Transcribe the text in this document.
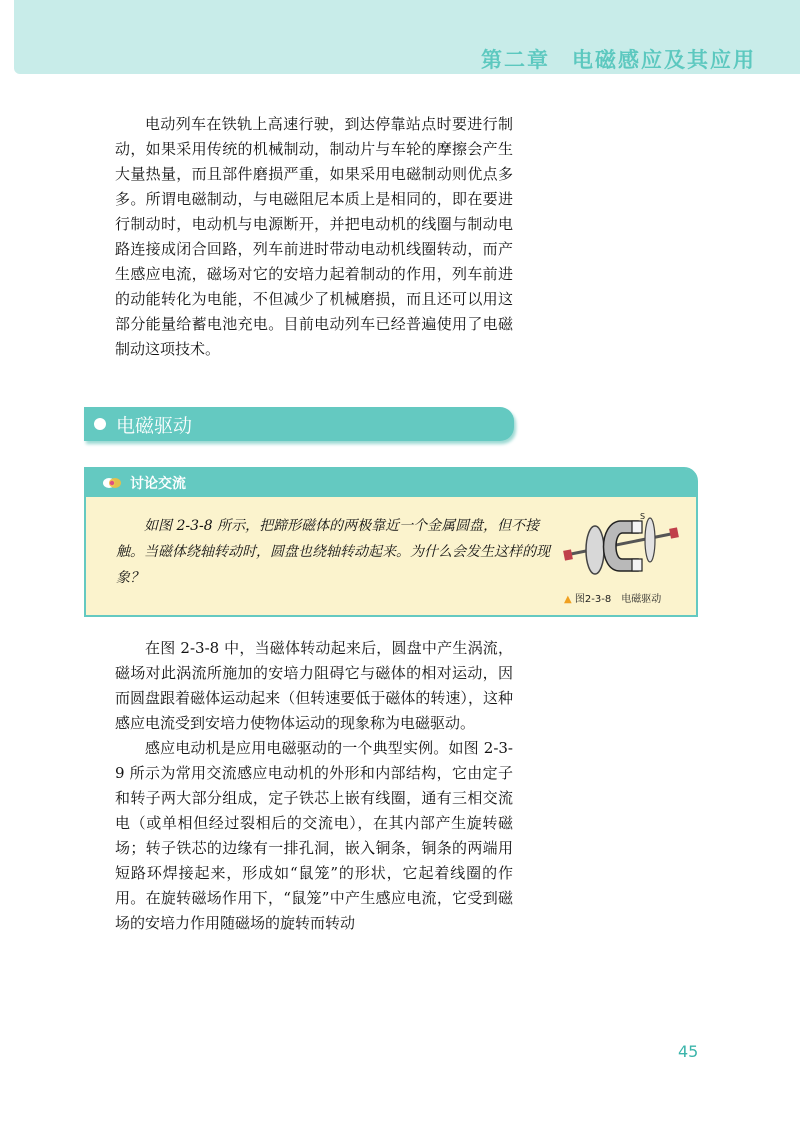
第二章 电磁感应及其应用

电动列车在铁轨上高速行驶，到达停靠站点时要进行制动，如果采用传统的机械制动，制动片与车轮的摩擦会产生大量热量，而且部件磨损严重，如果采用电磁制动则优点多多。所谓电磁制动，与电磁阻尼本质上是相同的，即在要进行制动时，电动机与电源断开，并把电动机的线圈与制动电路连接成闭合回路，列车前进时带动电动机线圈转动，而产生感应电流，磁场对它的安培力起着制动的作用，列车前进的动能转化为电能，不但减少了机械磨损，而且还可以用这部分能量给蓄电池充电。目前电动列车已经普遍使用了电磁制动这项技术。

电磁驱动
讨论交流

如图 2-3-8 所示，把蹄形磁体的两极靠近一个金属圆盘，但不接触。当磁体绕轴转动时，圆盘也绕轴转动起来。为什么会发生这样的现象？

S
▲ 图2-3-8　电磁驱动

在图 2-3-8 中，当磁体转动起来后，圆盘中产生涡流，磁场对此涡流所施加的安培力阻碍它与磁体的相对运动，因而圆盘跟着磁体运动起来（但转速要低于磁体的转速），这种感应电流受到安培力使物体运动的现象称为电磁驱动。

感应电动机是应用电磁驱动的一个典型实例。如图 2-3-9 所示为常用交流感应电动机的外形和内部结构，它由定子和转子两大部分组成，定子铁芯上嵌有线圈，通有三相交流电（或单相但经过裂相后的交流电），在其内部产生旋转磁场；转子铁芯的边缘有一排孔洞，嵌入铜条，铜条的两端用短路环焊接起来，形成如“鼠笼”的形状，它起着线圈的作用。在旋转磁场作用下，“鼠笼”中产生感应电流，它受到磁场的安培力作用随磁场的旋转而转动

45
